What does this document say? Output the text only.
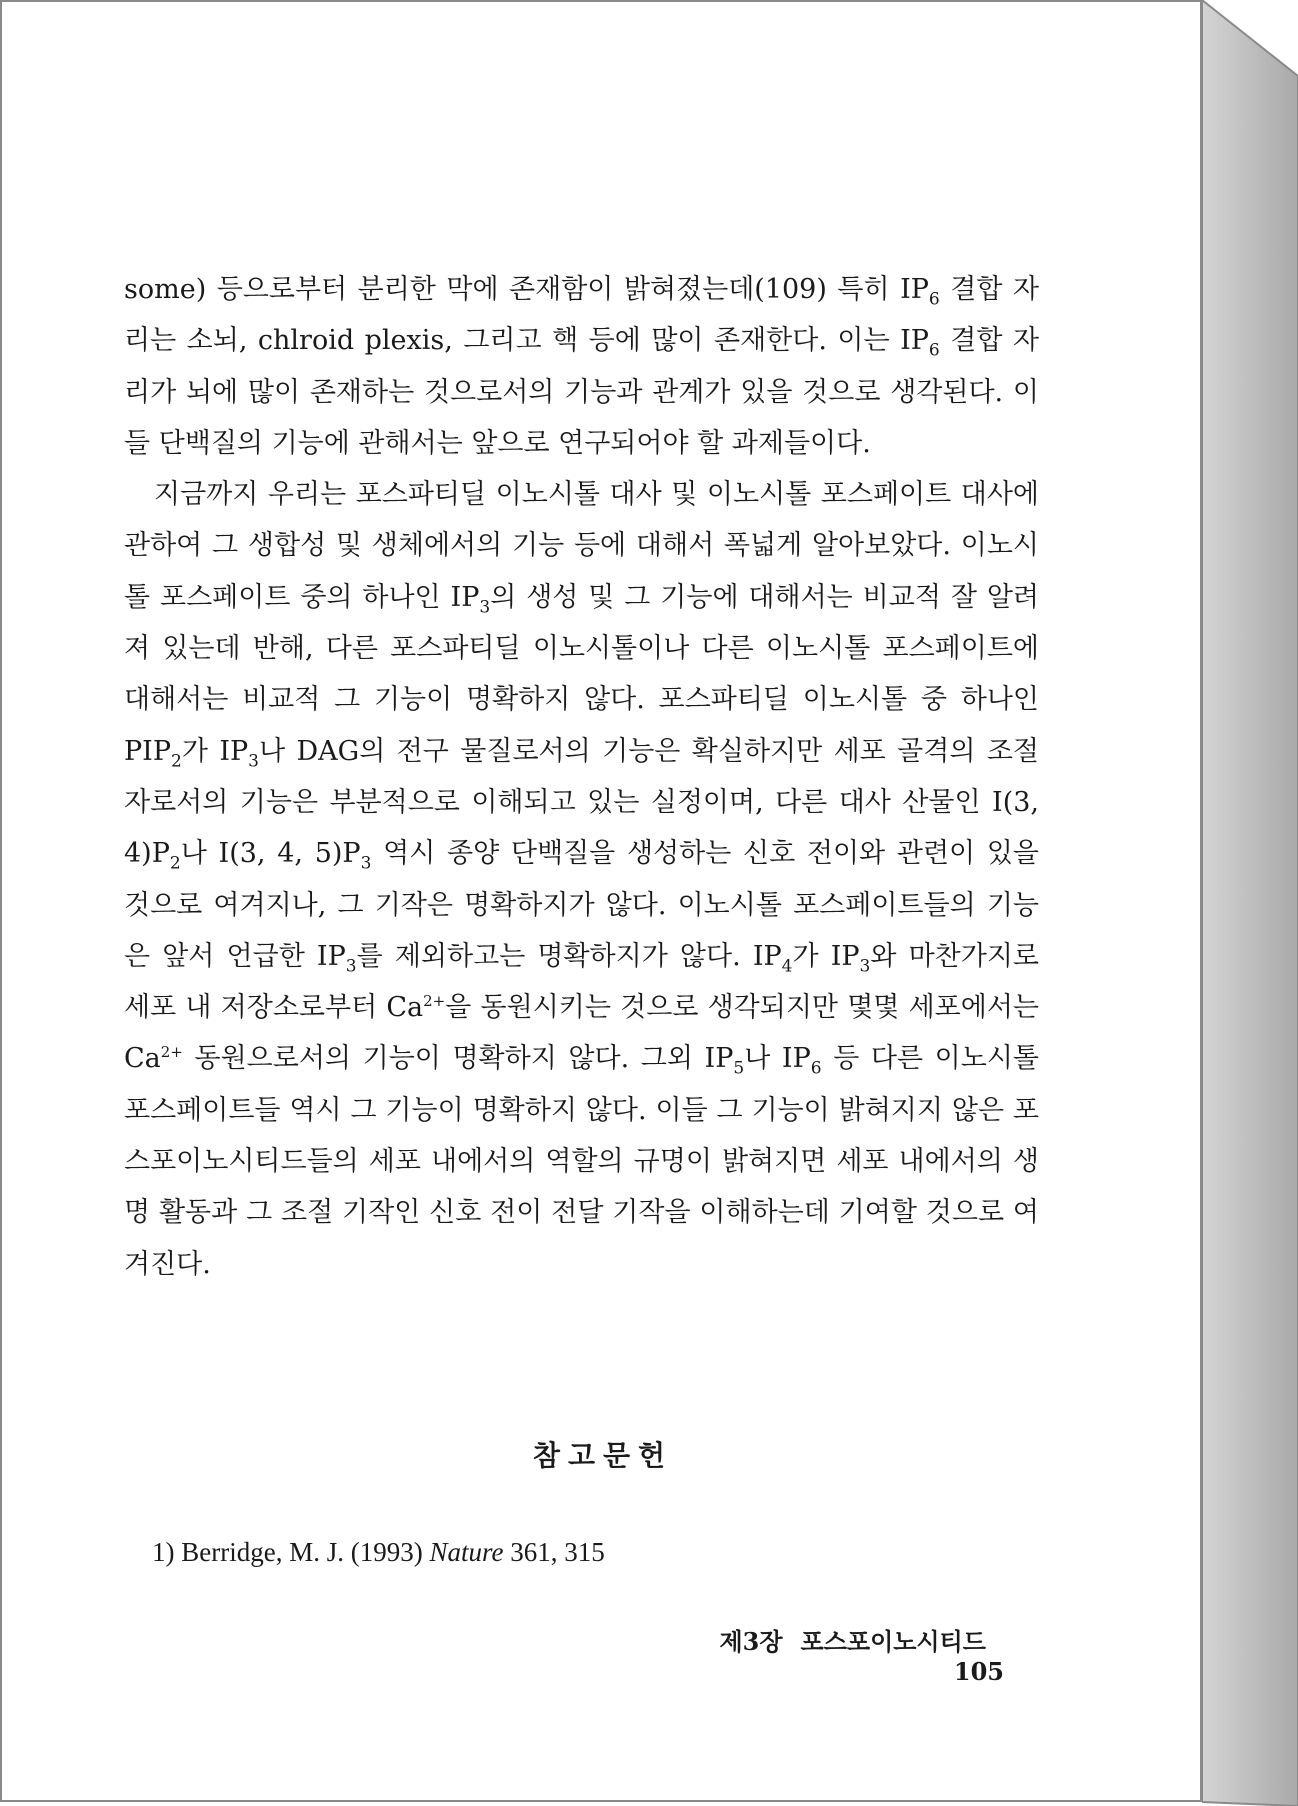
some) 등으로부터 분리한 막에 존재함이 밝혀졌는데(109) 특히 $IP_6$ 결합 자리는 소뇌, chlroid plexis, 그리고 핵 등에 많이 존재한다. 이는 $IP_6$ 결합 자리가 뇌에 많이 존재하는 것으로서의 기능과 관계가 있을 것으로 생각된다. 이들 단백질의 기능에 관해서는 앞으로 연구되어야 할 과제들이다.

지금까지 우리는 포스파티딜 이노시톨 대사 및 이노시톨 포스페이트 대사에 관하여 그 생합성 및 생체에서의 기능 등에 대해서 폭넓게 알아보았다. 이노시톨 포스페이트 중의 하나인 $IP_3$의 생성 및 그 기능에 대해서는 비교적 잘 알려져 있는데 반해, 다른 포스파티딜 이노시톨이나 다른 이노시톨 포스페이트에 대해서는 비교적 그 기능이 명확하지 않다. 포스파티딜 이노시톨 중 하나인 $PIP_2$가 $IP_3$나 DAG의 전구 물질로서의 기능은 확실하지만 세포 골격의 조절자로서의 기능은 부분적으로 이해되고 있는 실정이며, 다른 대사 산물인 I(3, $4)P_2$나 I(3, 4, $5)P_3$ 역시 종양 단백질을 생성하는 신호 전이와 관련이 있을 것으로 여겨지나, 그 기작은 명확하지가 않다. 이노시톨 포스페이트들의 기능은 앞서 언급한 $IP_3$를 제외하고는 명확하지가 않다. $IP_4$가 $IP_3$와 마찬가지로 세포 내 저장소로부터 $Ca^{2+}$을 동원시키는 것으로 생각되지만 몇몇 세포에서는 $Ca^{2+}$ 동원으로서의 기능이 명확하지 않다. 그외 $IP_5$나 $IP_6$ 등 다른 이노시톨 포스페이트들 역시 그 기능이 명확하지 않다. 이들 그 기능이 밝혀지지 않은 포스포이노시티드들의 세포 내에서의 역할의 규명이 밝혀지면 세포 내에서의 생명 활동과 그 조절 기작인 신호 전이 전달 기작을 이해하는데 기여할 것으로 여겨진다.

참고문헌
1) Berridge, M. J. (1993) Nature 361, 315
제3장 포스포이노시티드105
